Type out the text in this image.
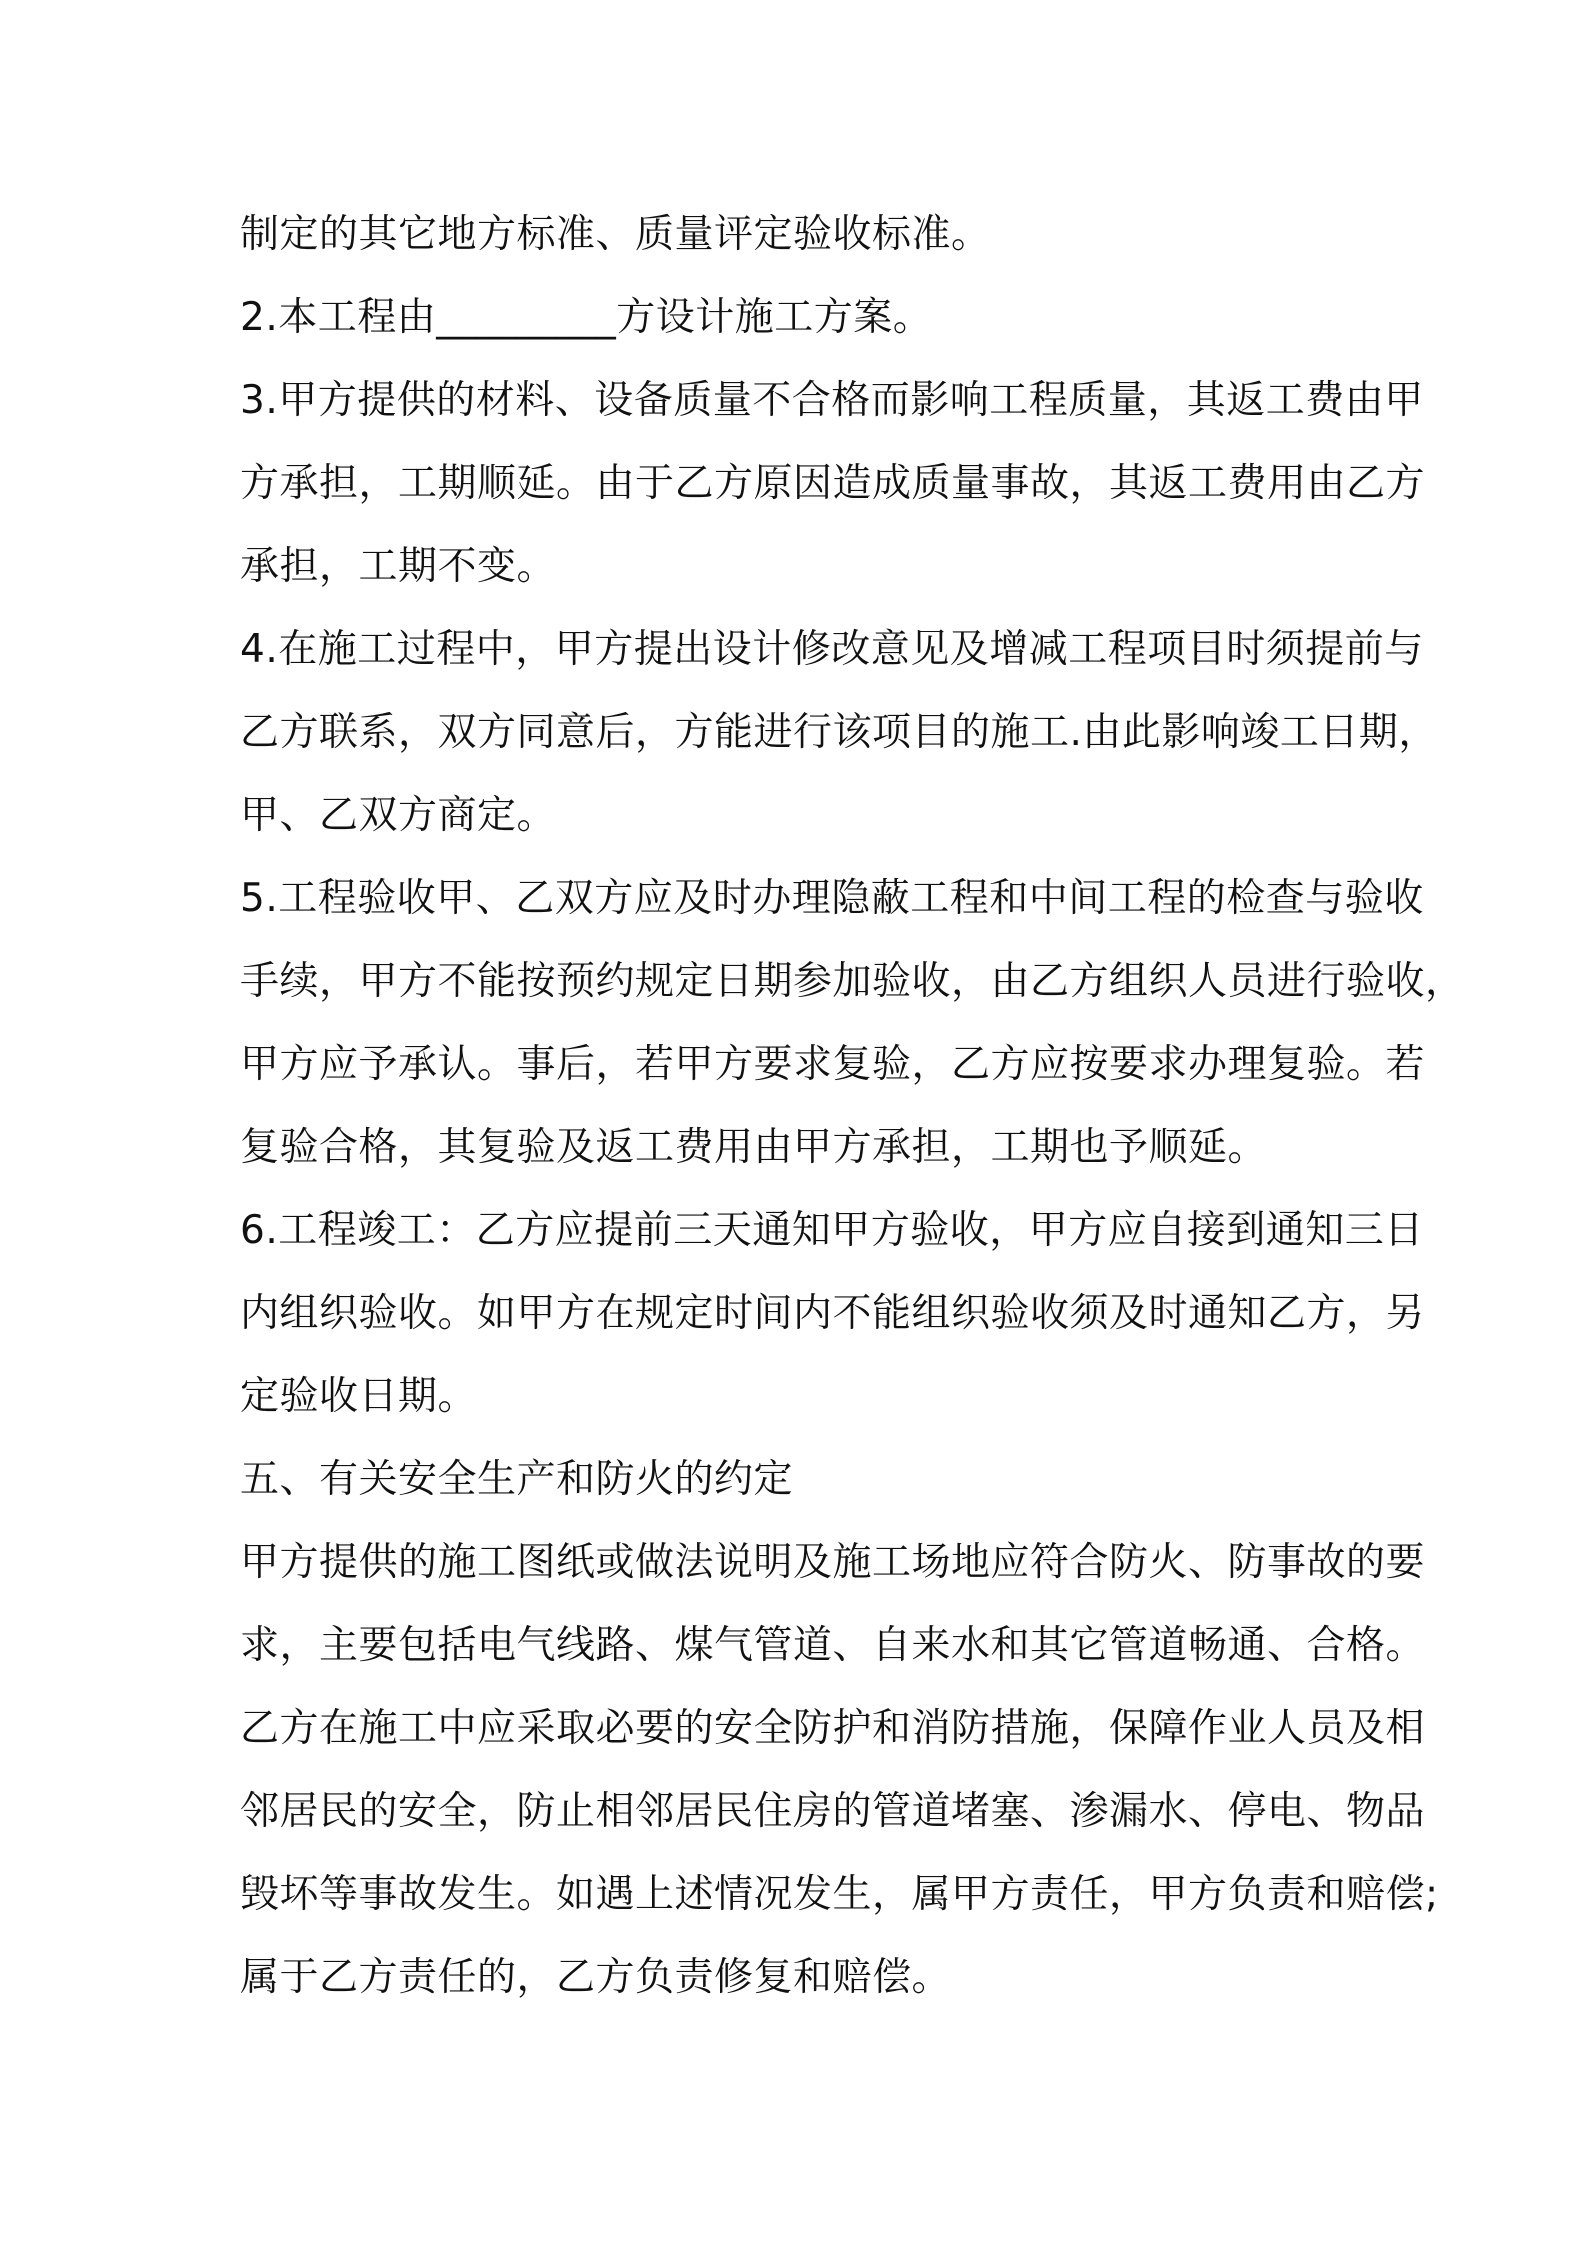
制定的其它地方标准、质量评定验收标准。
2.本工程由_________方设计施工方案。
3.甲方提供的材料、设备质量不合格而影响工程质量，其返工费由甲
方承担，工期顺延。由于乙方原因造成质量事故，其返工费用由乙方
承担，工期不变。
4.在施工过程中，甲方提出设计修改意见及增减工程项目时须提前与
乙方联系，双方同意后，方能进行该项目的施工.由此影响竣工日期，
甲、乙双方商定。
5.工程验收甲、乙双方应及时办理隐蔽工程和中间工程的检查与验收
手续，甲方不能按预约规定日期参加验收，由乙方组织人员进行验收，
甲方应予承认。事后，若甲方要求复验，乙方应按要求办理复验。若
复验合格，其复验及返工费用由甲方承担，工期也予顺延。
6.工程竣工：乙方应提前三天通知甲方验收，甲方应自接到通知三日
内组织验收。如甲方在规定时间内不能组织验收须及时通知乙方，另
定验收日期。
五、有关安全生产和防火的约定
甲方提供的施工图纸或做法说明及施工场地应符合防火、防事故的要
求，主要包括电气线路、煤气管道、自来水和其它管道畅通、合格。
乙方在施工中应采取必要的安全防护和消防措施，保障作业人员及相
邻居民的安全，防止相邻居民住房的管道堵塞、渗漏水、停电、物品
毁坏等事故发生。如遇上述情况发生，属甲方责任，甲方负责和赔偿;
属于乙方责任的，乙方负责修复和赔偿。
